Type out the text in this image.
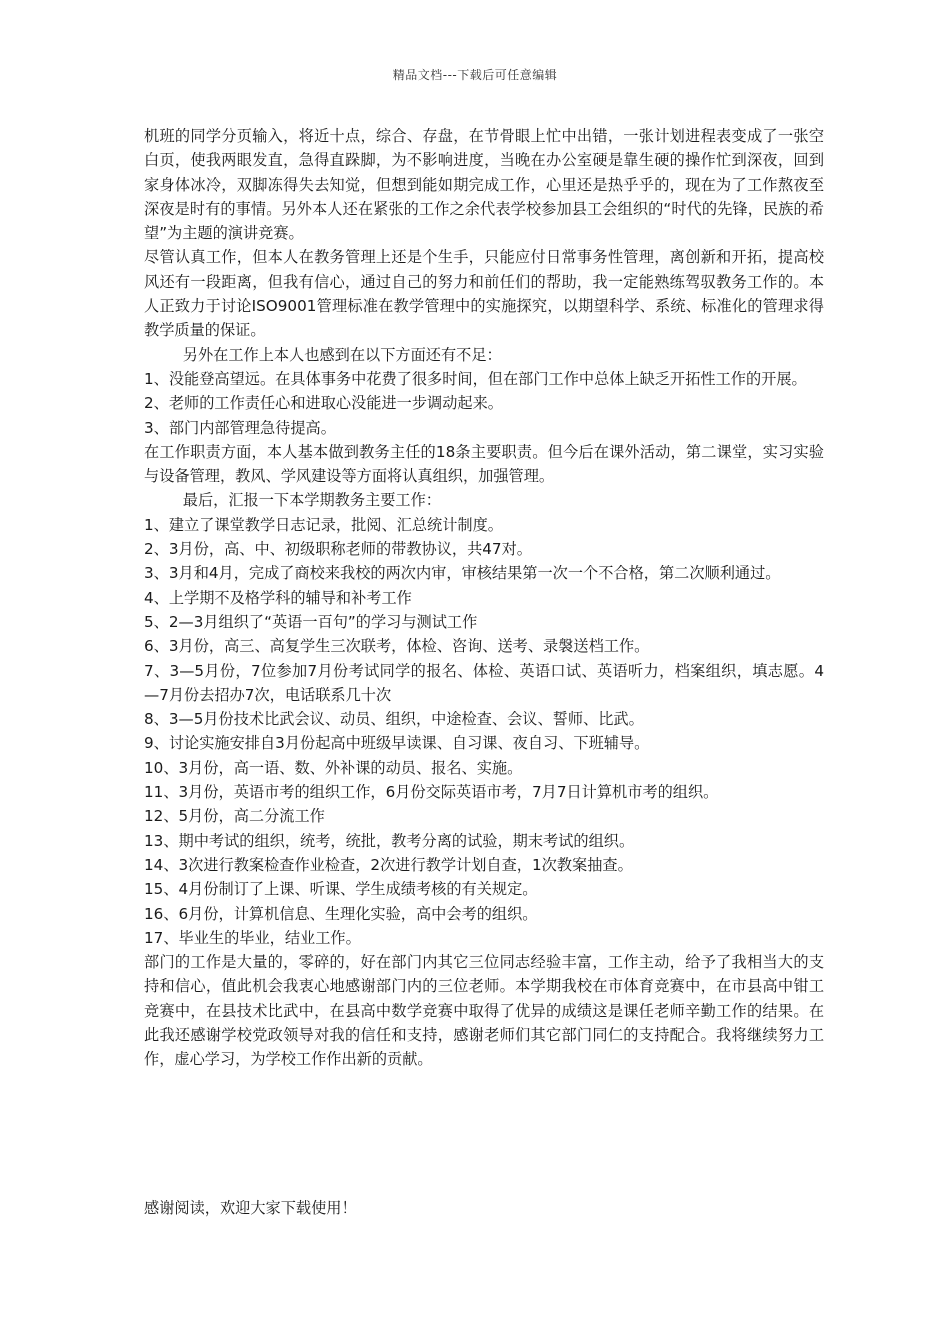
精品文档---下载后可任意编辑

机班的同学分页输入，将近十点，综合、存盘，在节骨眼上忙中出错，一张计划进程表变成了一张空白页，使我两眼发直，急得直跺脚，为不影响进度，当晚在办公室硬是靠生硬的操作忙到深夜，回到家身体冰冷，双脚冻得失去知觉，但想到能如期完成工作，心里还是热乎乎的，现在为了工作熬夜至深夜是时有的事情。另外本人还在紧张的工作之余代表学校参加县工会组织的“时代的先锋，民族的希望”为主题的演讲竞赛。

尽管认真工作，但本人在教务管理上还是个生手，只能应付日常事务性管理，离创新和开拓，提高校风还有一段距离，但我有信心，通过自己的努力和前任们的帮助，我一定能熟练驾驭教务工作的。本人正致力于讨论ISO9001管理标准在教学管理中的实施探究，以期望科学、系统、标准化的管理求得教学质量的保证。

另外在工作上本人也感到在以下方面还有不足：

1、没能登高望远。在具体事务中花费了很多时间，但在部门工作中总体上缺乏开拓性工作的开展。

2、老师的工作责任心和进取心没能进一步调动起来。

3、部门内部管理急待提高。

在工作职责方面，本人基本做到教务主任的18条主要职责。但今后在课外活动，第二课堂，实习实验与设备管理，教风、学风建设等方面将认真组织，加强管理。

最后，汇报一下本学期教务主要工作：

1、建立了课堂教学日志记录，批阅、汇总统计制度。

2、3月份，高、中、初级职称老师的带教协议，共47对。

3、3月和4月，完成了商校来我校的两次内审，审核结果第一次一个不合格，第二次顺利通过。

4、上学期不及格学科的辅导和补考工作

5、2—3月组织了“英语一百句”的学习与测试工作

6、3月份，高三、高复学生三次联考，体检、咨询、送考、录褩送档工作。

7、3—5月份，7位参加7月份考试同学的报名、体检、英语口试、英语听力，档案组织，填志愿。4—7月份去招办7次，电话联系几十次

8、3—5月份技术比武会议、动员、组织，中途检查、会议、誓师、比武。

9、讨论实施安排自3月份起高中班级早读课、自习课、夜自习、下班辅导。

10、3月份，高一语、数、外补课的动员、报名、实施。

11、3月份，英语市考的组织工作，6月份交际英语市考，7月7日计算机市考的组织。

12、5月份，高二分流工作

13、期中考试的组织，统考，统批，教考分离的试验，期末考试的组织。

14、3次进行教案检查作业检查，2次进行教学计划自查，1次教案抽查。

15、4月份制订了上课、听课、学生成绩考核的有关规定。

16、6月份，计算机信息、生理化实验，高中会考的组织。

17、毕业生的毕业，结业工作。

部门的工作是大量的，零碎的，好在部门内其它三位同志经验丰富，工作主动，给予了我相当大的支持和信心，值此机会我衷心地感谢部门内的三位老师。本学期我校在市体育竞赛中，在市县高中钳工竞赛中，在县技术比武中，在县高中数学竞赛中取得了优异的成绩这是课任老师辛勤工作的结果。在此我还感谢学校党政领导对我的信任和支持，感谢老师们其它部门同仁的支持配合。我将继续努力工作，虚心学习，为学校工作作出新的贡献。

感谢阅读，欢迎大家下载使用！
